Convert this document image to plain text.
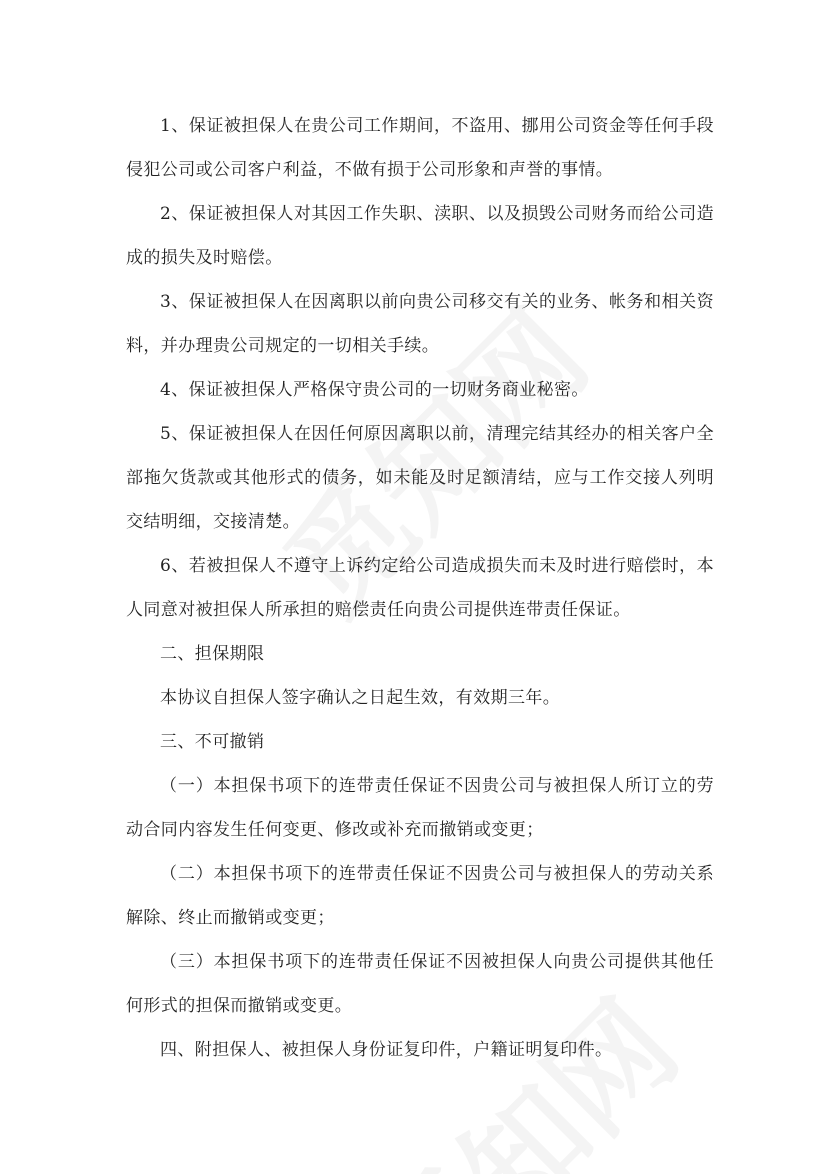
1、保证被担保人在贵公司工作期间，不盗用、挪用公司资金等任何手段侵犯公司或公司客户利益，不做有损于公司形象和声誉的事情。

2、保证被担保人对其因工作失职、渎职、以及损毁公司财务而给公司造成的损失及时赔偿。

3、保证被担保人在因离职以前向贵公司移交有关的业务、帐务和相关资料，并办理贵公司规定的一切相关手续。

4、保证被担保人严格保守贵公司的一切财务商业秘密。

5、保证被担保人在因任何原因离职以前，清理完结其经办的相关客户全部拖欠货款或其他形式的债务，如未能及时足额清结，应与工作交接人列明交结明细，交接清楚。

6、若被担保人不遵守上诉约定给公司造成损失而未及时进行赔偿时，本人同意对被担保人所承担的赔偿责任向贵公司提供连带责任保证。

二、担保期限

本协议自担保人签字确认之日起生效，有效期三年。

三、不可撤销

（一）本担保书项下的连带责任保证不因贵公司与被担保人所订立的劳动合同内容发生任何变更、修改或补充而撤销或变更；

（二）本担保书项下的连带责任保证不因贵公司与被担保人的劳动关系解除、终止而撤销或变更；

（三）本担保书项下的连带责任保证不因被担保人向贵公司提供其他任何形式的担保而撤销或变更。

四、附担保人、被担保人身份证复印件，户籍证明复印件。
